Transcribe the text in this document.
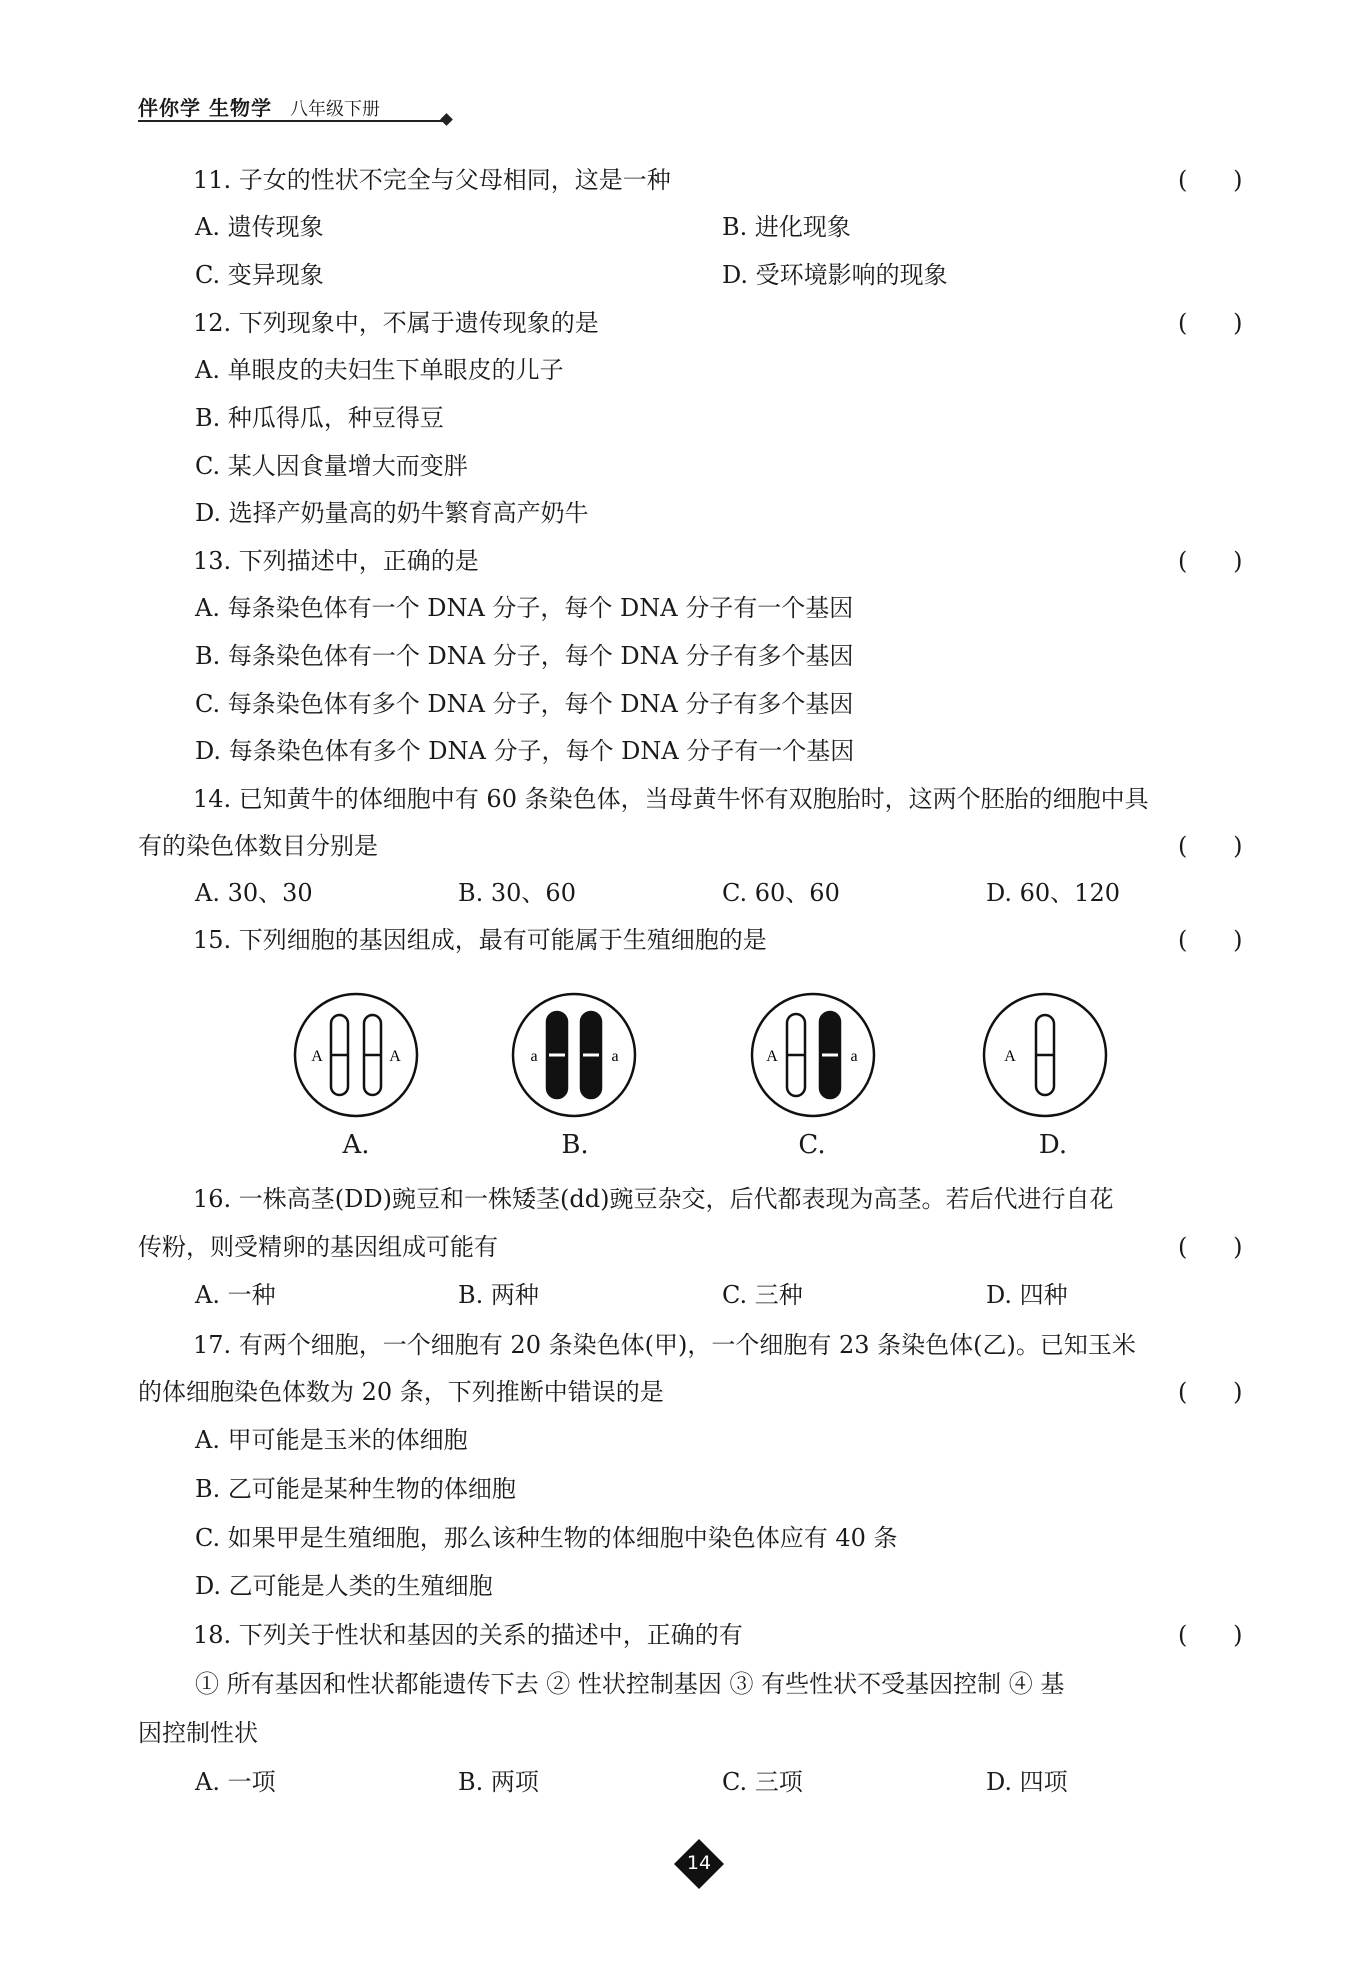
伴你学 生物学 八年级下册
11. 子女的性状不完全与父母相同，这是一种	(      )
A. 遗传现象	B. 进化现象
C. 变异现象	D. 受环境影响的现象
12. 下列现象中，不属于遗传现象的是	(      )
A. 单眼皮的夫妇生下单眼皮的儿子
B. 种瓜得瓜，种豆得豆
C. 某人因食量增大而变胖
D. 选择产奶量高的奶牛繁育高产奶牛
13. 下列描述中，正确的是	(      )
A. 每条染色体有一个 DNA 分子，每个 DNA 分子有一个基因
B. 每条染色体有一个 DNA 分子，每个 DNA 分子有多个基因
C. 每条染色体有多个 DNA 分子，每个 DNA 分子有多个基因
D. 每条染色体有多个 DNA 分子，每个 DNA 分子有一个基因
14. 已知黄牛的体细胞中有 60 条染色体，当母黄牛怀有双胞胎时，这两个胚胎的细胞中具
有的染色体数目分别是	(      )
A. 30、30	B. 30、60	C. 60、60	D. 60、120
15. 下列细胞的基因组成，最有可能属于生殖细胞的是	(      )
A	A
A.
a	a
B.
A	a
C.
A
D.
16. 一株高茎(DD)豌豆和一株矮茎(dd)豌豆杂交，后代都表现为高茎。若后代进行自花
传粉，则受精卵的基因组成可能有	(      )
A. 一种	B. 两种	C. 三种	D. 四种
17. 有两个细胞，一个细胞有 20 条染色体(甲)，一个细胞有 23 条染色体(乙)。已知玉米
的体细胞染色体数为 20 条，下列推断中错误的是	(      )
A. 甲可能是玉米的体细胞
B. 乙可能是某种生物的体细胞
C. 如果甲是生殖细胞，那么该种生物的体细胞中染色体应有 40 条
D. 乙可能是人类的生殖细胞
18. 下列关于性状和基因的关系的描述中，正确的有	(      )
① 所有基因和性状都能遗传下去 ② 性状控制基因 ③ 有些性状不受基因控制 ④ 基
因控制性状
A. 一项	B. 两项	C. 三项	D. 四项
14
